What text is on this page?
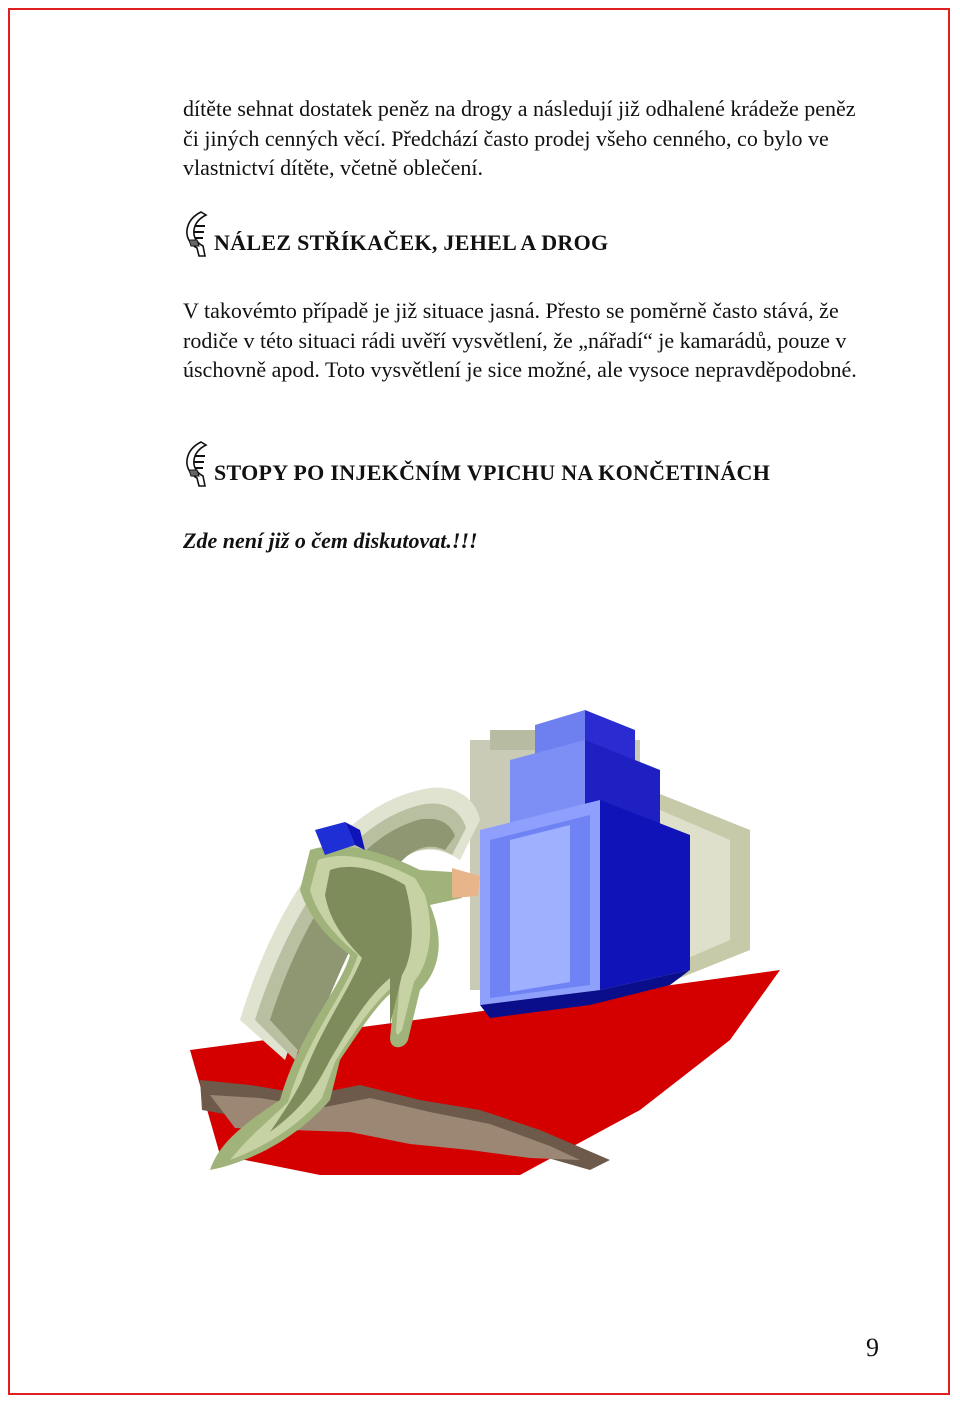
dítěte sehnat dostatek peněz na drogy a následují již odhalené krádeže peněz či jiných cenných věcí. Předchází často prodej všeho cenného, co bylo ve vlastnictví dítěte, včetně oblečení.

NÁLEZ STŘÍKAČEK, JEHEL A DROG

V takovémto případě je již situace jasná. Přesto se poměrně často stává, že rodiče v této situaci rádi uvěří vysvětlení, že „nářadí“ je kamarádů, pouze v úschovně apod. Toto vysvětlení je sice možné, ale vysoce nepravděpodobné.

STOPY PO INJEKČNÍM VPICHU NA KONČETINÁCH

Zde není již o čem diskutovat.!!!

9
